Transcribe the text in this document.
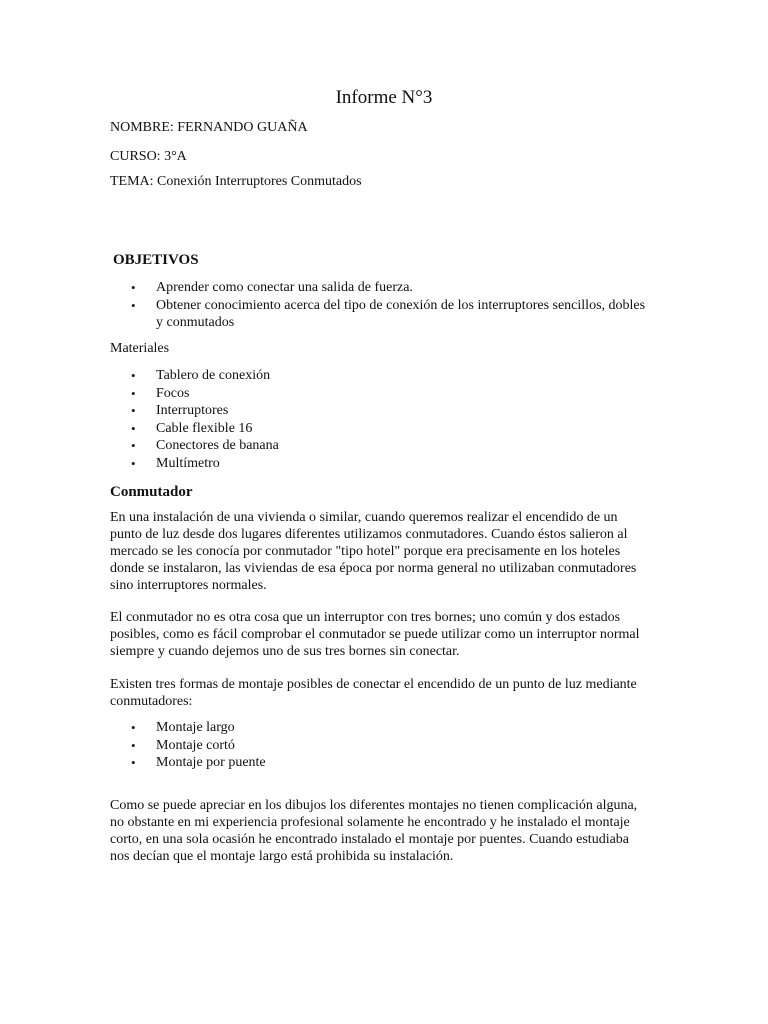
Informe N°3
NOMBRE: FERNANDO GUAÑA
CURSO: 3°A
TEMA: Conexión Interruptores Conmutados
OBJETIVOS
• Aprender como conectar una salida de fuerza.
• Obtener conocimiento acerca del tipo de conexión de los interruptores sencillos, dobles
y conmutados
Materiales
• Tablero de conexión
• Focos
• Interruptores
• Cable flexible 16
• Conectores de banana
• Multímetro
Conmutador
En una instalación de una vivienda o similar, cuando queremos realizar el encendido de un
punto de luz desde dos lugares diferentes utilizamos conmutadores. Cuando éstos salieron al
mercado se les conocía por conmutador "tipo hotel" porque era precisamente en los hoteles
donde se instalaron, las viviendas de esa época por norma general no utilizaban conmutadores
sino interruptores normales.
El conmutador no es otra cosa que un interruptor con tres bornes; uno común y dos estados
posibles, como es fácil comprobar el conmutador se puede utilizar como un interruptor normal
siempre y cuando dejemos uno de sus tres bornes sin conectar.
Existen tres formas de montaje posibles de conectar el encendido de un punto de luz mediante
conmutadores:
• Montaje largo
• Montaje cortó
• Montaje por puente
Como se puede apreciar en los dibujos los diferentes montajes no tienen complicación alguna,
no obstante en mi experiencia profesional solamente he encontrado y he instalado el montaje
corto, en una sola ocasión he encontrado instalado el montaje por puentes. Cuando estudiaba
nos decían que el montaje largo está prohibida su instalación.
